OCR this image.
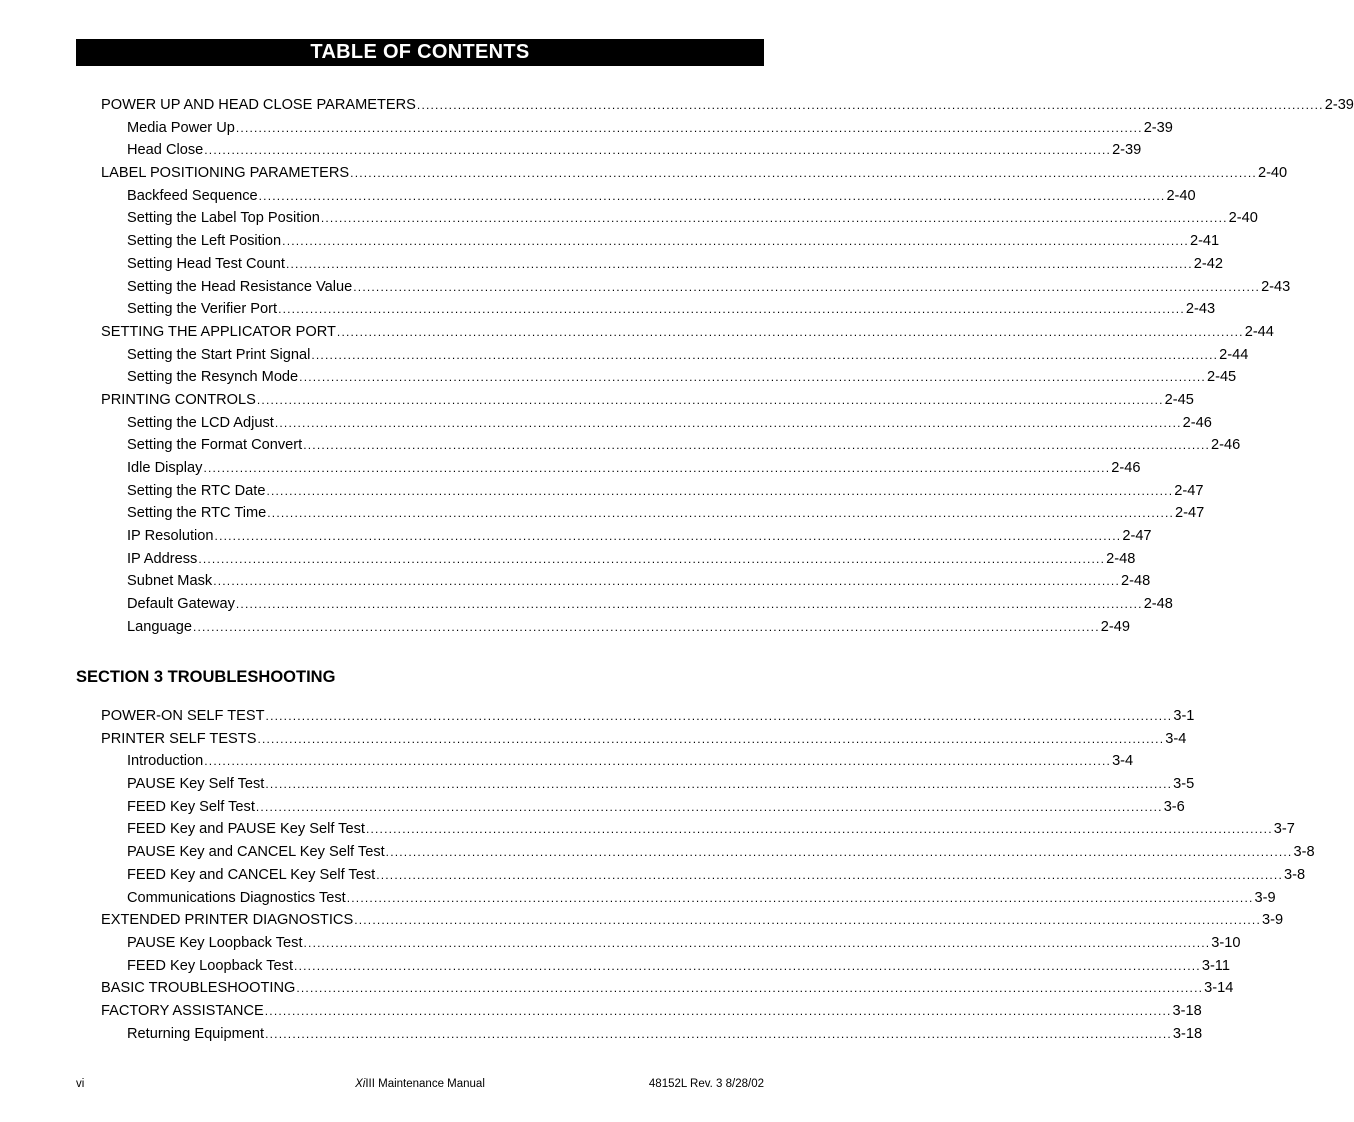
TABLE OF CONTENTS
POWER UP AND HEAD CLOSE PARAMETERS ........................................................................................................................................................................................................ 2-39
Media Power Up ........................................................................................................................................................................................................ 2-39
Head Close ........................................................................................................................................................................................................ 2-39
LABEL POSITIONING PARAMETERS ........................................................................................................................................................................................................ 2-40
Backfeed Sequence ........................................................................................................................................................................................................ 2-40
Setting the Label Top Position ........................................................................................................................................................................................................ 2-40
Setting the Left Position ........................................................................................................................................................................................................ 2-41
Setting Head Test Count ........................................................................................................................................................................................................ 2-42
Setting the Head Resistance Value ........................................................................................................................................................................................................ 2-43
Setting the Verifier Port ........................................................................................................................................................................................................ 2-43
SETTING THE APPLICATOR PORT ........................................................................................................................................................................................................ 2-44
Setting the Start Print Signal ........................................................................................................................................................................................................ 2-44
Setting the Resynch Mode ........................................................................................................................................................................................................ 2-45
PRINTING CONTROLS ........................................................................................................................................................................................................ 2-45
Setting the LCD Adjust ........................................................................................................................................................................................................ 2-46
Setting the Format Convert ........................................................................................................................................................................................................ 2-46
Idle Display ........................................................................................................................................................................................................ 2-46
Setting the RTC Date ........................................................................................................................................................................................................ 2-47
Setting the RTC Time ........................................................................................................................................................................................................ 2-47
IP Resolution ........................................................................................................................................................................................................ 2-47
IP Address ........................................................................................................................................................................................................ 2-48
Subnet Mask ........................................................................................................................................................................................................ 2-48
Default Gateway ........................................................................................................................................................................................................ 2-48
Language ........................................................................................................................................................................................................ 2-49
SECTION 3 TROUBLESHOOTING
POWER-ON SELF TEST ........................................................................................................................................................................................................ 3-1
PRINTER SELF TESTS ........................................................................................................................................................................................................ 3-4
Introduction ........................................................................................................................................................................................................ 3-4
PAUSE Key Self Test ........................................................................................................................................................................................................ 3-5
FEED Key Self Test ........................................................................................................................................................................................................ 3-6
FEED Key and PAUSE Key Self Test ........................................................................................................................................................................................................ 3-7
PAUSE Key and CANCEL Key Self Test ........................................................................................................................................................................................................ 3-8
FEED Key and CANCEL Key Self Test ........................................................................................................................................................................................................ 3-8
Communications Diagnostics Test ........................................................................................................................................................................................................ 3-9
EXTENDED PRINTER DIAGNOSTICS ........................................................................................................................................................................................................ 3-9
PAUSE Key Loopback Test ........................................................................................................................................................................................................ 3-10
FEED Key Loopback Test ........................................................................................................................................................................................................ 3-11
BASIC TROUBLESHOOTING ........................................................................................................................................................................................................ 3-14
FACTORY ASSISTANCE ........................................................................................................................................................................................................ 3-18
Returning Equipment ........................................................................................................................................................................................................ 3-18
vi	XiIII Maintenance Manual	48152L Rev. 3 8/28/02
